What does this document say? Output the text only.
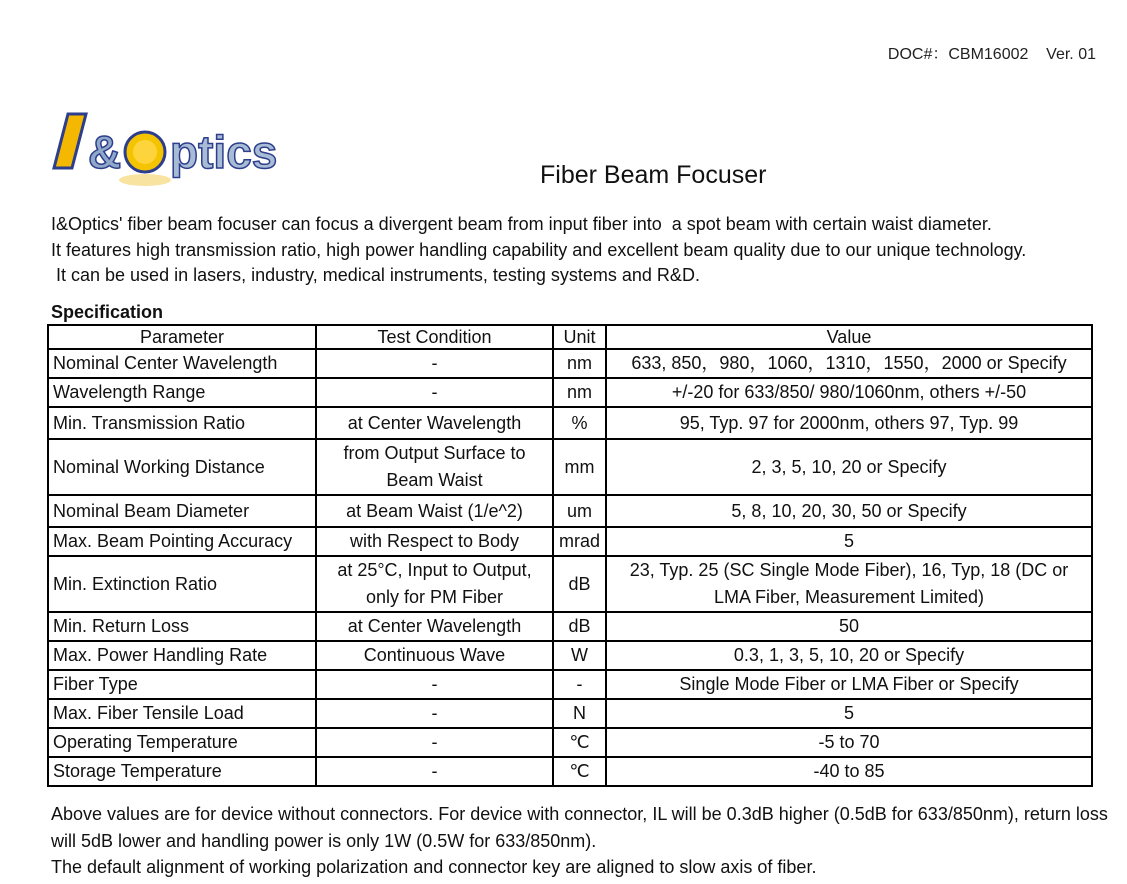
DOC#：CBM16002    Ver. 01
& ptics	Fiber Beam Focuser

I&Optics' fiber beam focuser can focus a divergent beam from input fiber into  a spot beam with certain waist diameter.

It features high transmission ratio, high power handling capability and excellent beam quality due to our unique technology.

It can be used in lasers, industry, medical instruments, testing systems and R&D.

Specification
Parameter	Test Condition	Unit	Value
Nominal Center Wavelength	-	nm	633, 850，980，1060，1310，1550，2000 or Specify
Wavelength Range	-	nm	+/-20 for 633/850/ 980/1060nm, others +/-50
Min. Transmission Ratio	at Center Wavelength	%	95, Typ. 97 for 2000nm, others 97, Typ. 99
Nominal Working Distance	from Output Surface to Beam Waist	mm	2, 3, 5, 10, 20 or Specify
Nominal Beam Diameter	at Beam Waist (1/e^2)	um	5, 8, 10, 20, 30, 50 or Specify
Max. Beam Pointing Accuracy	with Respect to Body	mrad	5
Min. Extinction Ratio	at 25°C, Input to Output, only for PM Fiber	dB	23, Typ. 25 (SC Single Mode Fiber), 16, Typ, 18 (DC or LMA Fiber, Measurement Limited)
Min. Return Loss	at Center Wavelength	dB	50
Max. Power Handling Rate	Continuous Wave	W	0.3, 1, 3, 5, 10, 20 or Specify
Fiber Type	-	-	Single Mode Fiber or LMA Fiber or Specify
Max. Fiber Tensile Load	-	N	5
Operating Temperature	-	℃	-5 to 70
Storage Temperature	-	℃	-40 to 85

Above values are for device without connectors. For device with connector, IL will be 0.3dB higher (0.5dB for 633/850nm), return loss will 5dB lower and handling power is only 1W (0.5W for 633/850nm).

The default alignment of working polarization and connector key are aligned to slow axis of fiber.
